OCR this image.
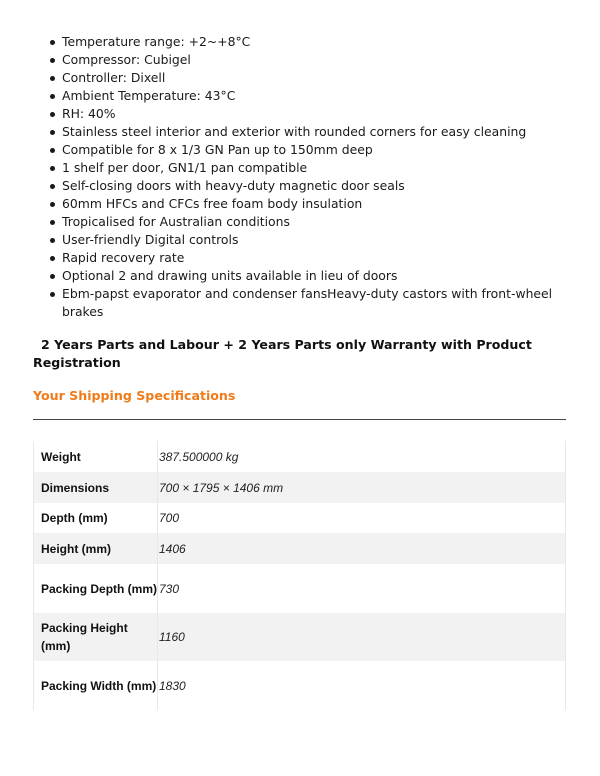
Temperature range: +2~+8°C
Compressor: Cubigel
Controller: Dixell
Ambient Temperature: 43°C
RH: 40%
Stainless steel interior and exterior with rounded corners for easy cleaning
Compatible for 8 x 1/3 GN Pan up to 150mm deep
1 shelf per door, GN1/1 pan compatible
Self-closing doors with heavy-duty magnetic door seals
60mm HFCs and CFCs free foam body insulation
Tropicalised for Australian conditions
User-friendly Digital controls
Rapid recovery rate
Optional 2 and drawing units available in lieu of doors
Ebm-papst evaporator and condenser fansHeavy-duty castors with front-wheel brakes

2 Years Parts and Labour + 2 Years Parts only Warranty with Product Registration

Your Shipping Specifications
Weight	387.500000 kg
Dimensions	700 × 1795 × 1406 mm
Depth (mm)	700
Height (mm)	1406
Packing Depth (mm)	730
Packing Height (mm)	1160
Packing Width (mm)	1830
